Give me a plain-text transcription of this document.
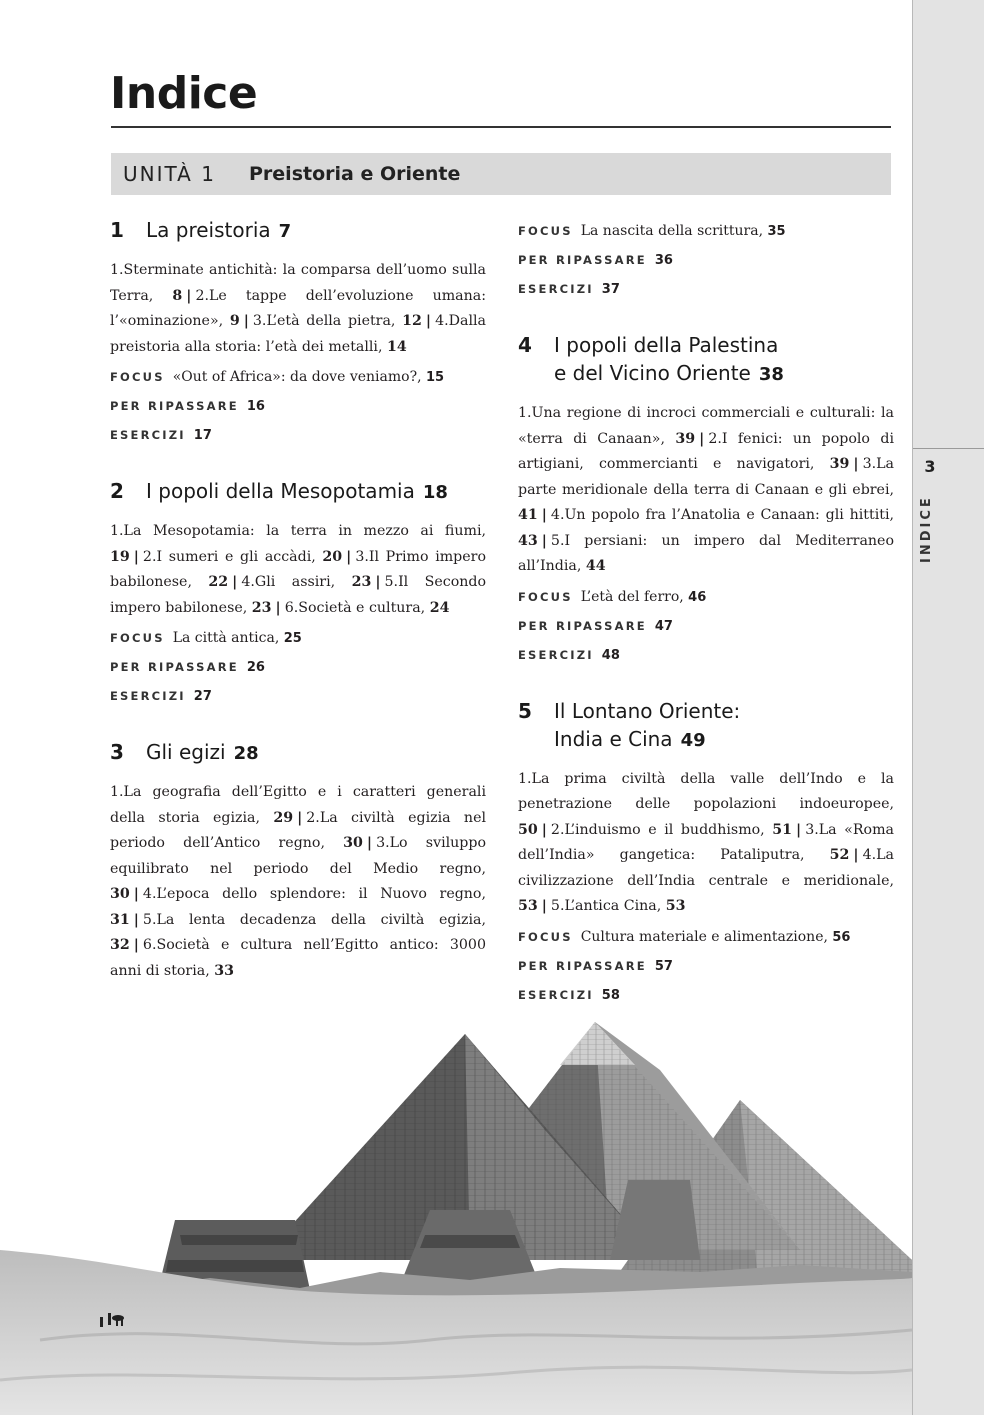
3
INDICE
Indice
UNITÀ 1 Preistoria e Oriente
1	La preistoria 7

1.Sterminate antichità: la comparsa dell’uomo sulla Terra, 8 | 2.Le tappe dell’evoluzione umana: l’«ominazione», 9 | 3.L’età della pietra, 12 | 4.Dalla preistoria alla storia: l’età dei metalli, 14

FOCUS «Out of Africa»: da dove veniamo?, 15
PER RIPASSARE 16
ESERCIZI 17
2	I popoli della Mesopotamia 18

1.La Mesopotamia: la terra in mezzo ai fiumi, 19 | 2.I sumeri e gli accàdi, 20 | 3.Il Primo impero babilonese, 22 | 4.Gli assiri, 23 | 5.Il Secondo impero babilonese, 23 | 6.Società e cultura, 24

FOCUS La città antica, 25
PER RIPASSARE 26
ESERCIZI 27
3	Gli egizi 28

1.La geografia dell’Egitto e i caratteri generali della storia egizia, 29 | 2.La civiltà egizia nel periodo dell’Antico regno, 30 | 3.Lo sviluppo equilibrato nel periodo del Medio regno, 30 | 4.L’epoca dello splendore: il Nuovo regno, 31 | 5.La lenta decadenza della civiltà egizia, 32 | 6.Società e cultura nell’Egitto antico: 3000 anni di storia, 33

FOCUS La nascita della scrittura, 35
PER RIPASSARE 36
ESERCIZI 37
4	I popoli della Palestina
e del Vicino Oriente 38

1.Una regione di incroci commerciali e culturali: la «terra di Canaan», 39 | 2.I fenici: un popolo di artigiani, commercianti e navigatori, 39 | 3.La parte meridionale della terra di Canaan e gli ebrei, 41 | 4.Un popolo fra l’Anatolia e Canaan: gli hittiti, 43 | 5.I persiani: un impero dal Mediterraneo all’India, 44

FOCUS L’età del ferro, 46
PER RIPASSARE 47
ESERCIZI 48
5	Il Lontano Oriente:
India e Cina 49

1.La prima civiltà della valle dell’Indo e la penetrazione delle popolazioni indoeuropee, 50 | 2.L’induismo e il buddhismo, 51 | 3.La «Roma dell’India» gangetica: Pataliputra, 52 | 4.La civilizzazione dell’India centrale e meridionale, 53 | 5.L’antica Cina, 53

FOCUS Cultura materiale e alimentazione, 56
PER RIPASSARE 57
ESERCIZI 58
